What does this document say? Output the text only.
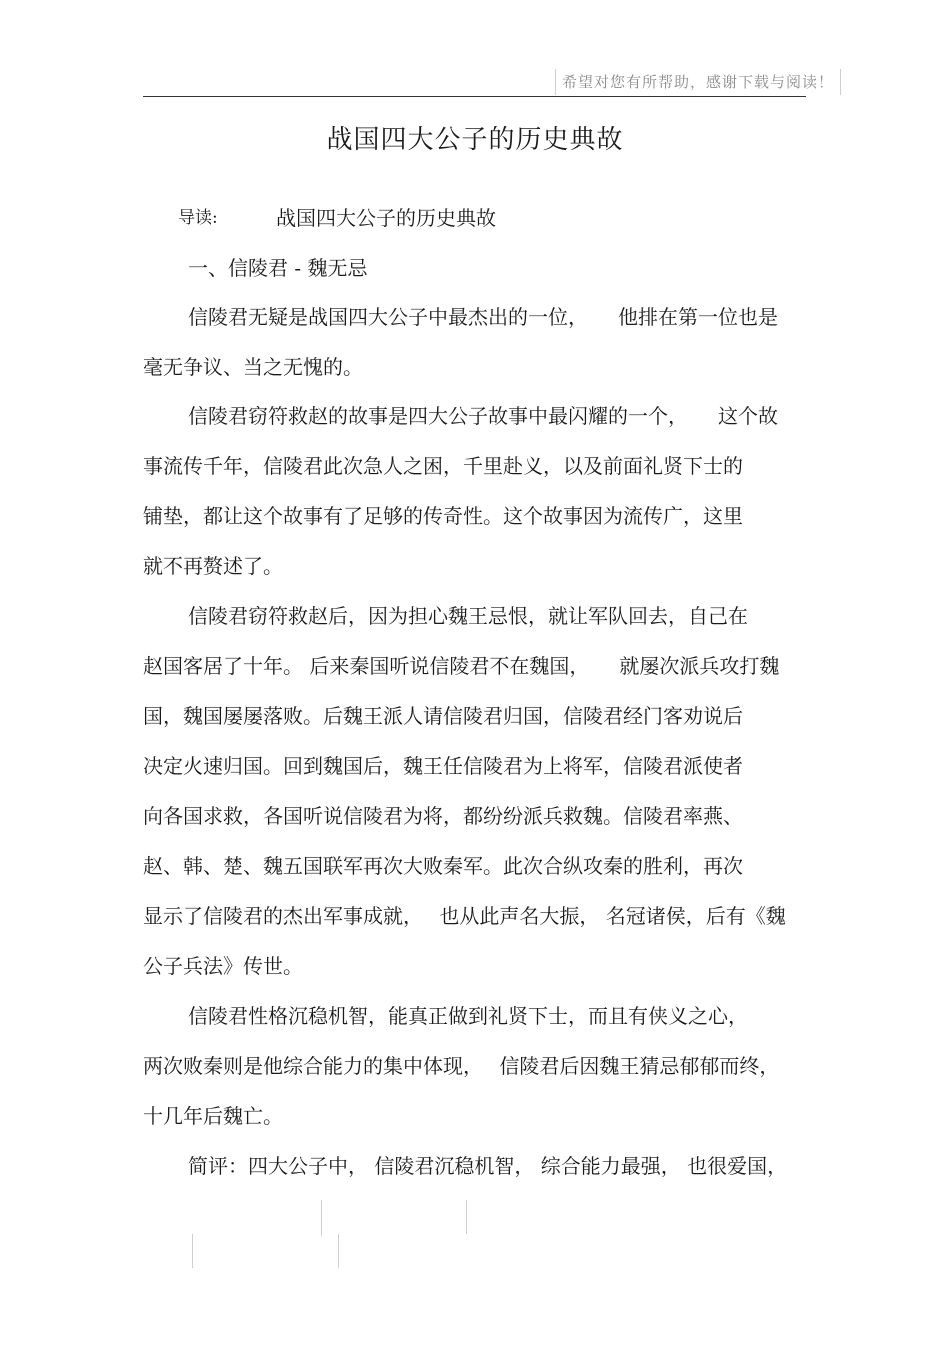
希望对您有所帮助，感谢下载与阅读！
战国四大公子的历史典故
导读:	战国四大公子的历史典故
一、信陵君 - 魏无忌
信陵君无疑是战国四大公子中最杰出的一位，　　他排在第一位也是
毫无争议、当之无愧的。
信陵君窃符救赵的故事是四大公子故事中最闪耀的一个，　　这个故
事流传千年，信陵君此次急人之困，千里赴义，以及前面礼贤下士的
铺垫，都让这个故事有了足够的传奇性。这个故事因为流传广，这里
就不再赘述了。
信陵君窃符救赵后，因为担心魏王忌恨，就让军队回去，自己在
赵国客居了十年。 后来秦国听说信陵君不在魏国，　　就屡次派兵攻打魏
国，魏国屡屡落败。后魏王派人请信陵君归国，信陵君经门客劝说后
决定火速归国。回到魏国后，魏王任信陵君为上将军，信陵君派使者
向各国求救，各国听说信陵君为将，都纷纷派兵救魏。信陵君率燕、
赵、韩、楚、魏五国联军再次大败秦军。此次合纵攻秦的胜利，再次
显示了信陵君的杰出军事成就，　 也从此声名大振， 名冠诸侯，后有《魏
公子兵法》传世。
信陵君性格沉稳机智，能真正做到礼贤下士，而且有侠义之心，
两次败秦则是他综合能力的集中体现，　 信陵君后因魏王猜忌郁郁而终，
十几年后魏亡。
简评：四大公子中， 信陵君沉稳机智， 综合能力最强， 也很爱国，
